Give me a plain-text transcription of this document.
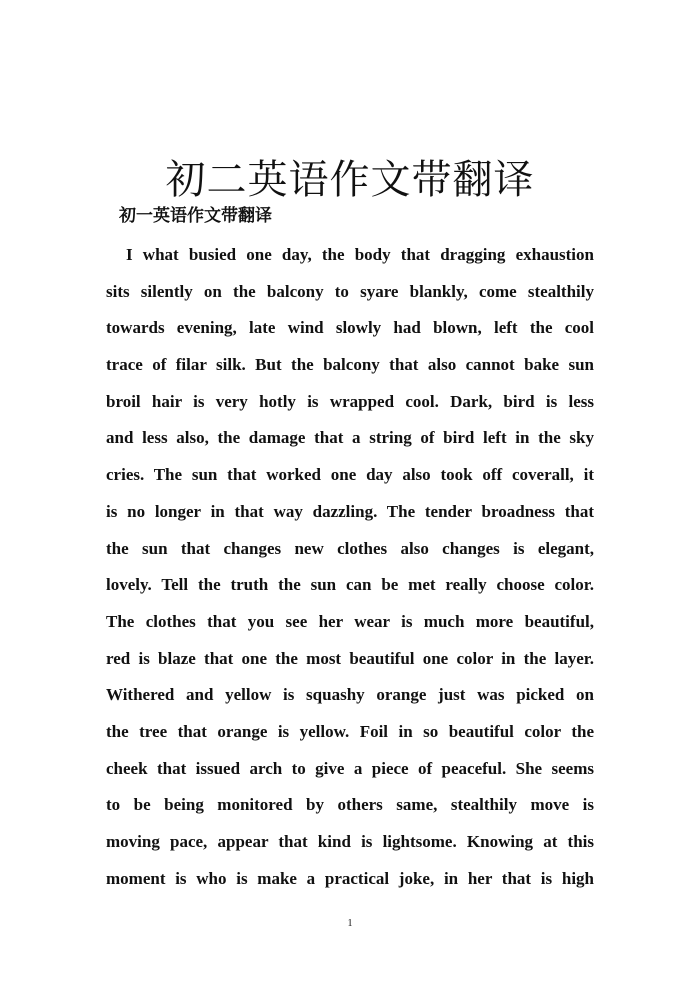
初二英语作文带翻译
初一英语作文带翻译
I what busied one day, the body that dragging exhaustion
sits silently on the balcony to syare blankly, come stealthily
towards evening, late wind slowly had blown, left the cool
trace of filar silk. But the balcony that also cannot bake sun
broil hair is very hotly is wrapped cool. Dark, bird is less
and less also, the damage that a string of bird left in the sky
cries. The sun that worked one day also took off coverall, it
is no longer in that way dazzling. The tender broadness that
the sun that changes new clothes also changes is elegant,
lovely. Tell the truth the sun can be met really choose color.
The clothes that you see her wear is much more beautiful,
red is blaze that one the most beautiful one color in the layer.
Withered and yellow is squashy orange just was picked on
the tree that orange is yellow. Foil in so beautiful color the
cheek that issued arch to give a piece of peaceful. She seems
to be being monitored by others same, stealthily move is
moving pace, appear that kind is lightsome. Knowing at this
moment is who is make a practical joke, in her that is high
1
